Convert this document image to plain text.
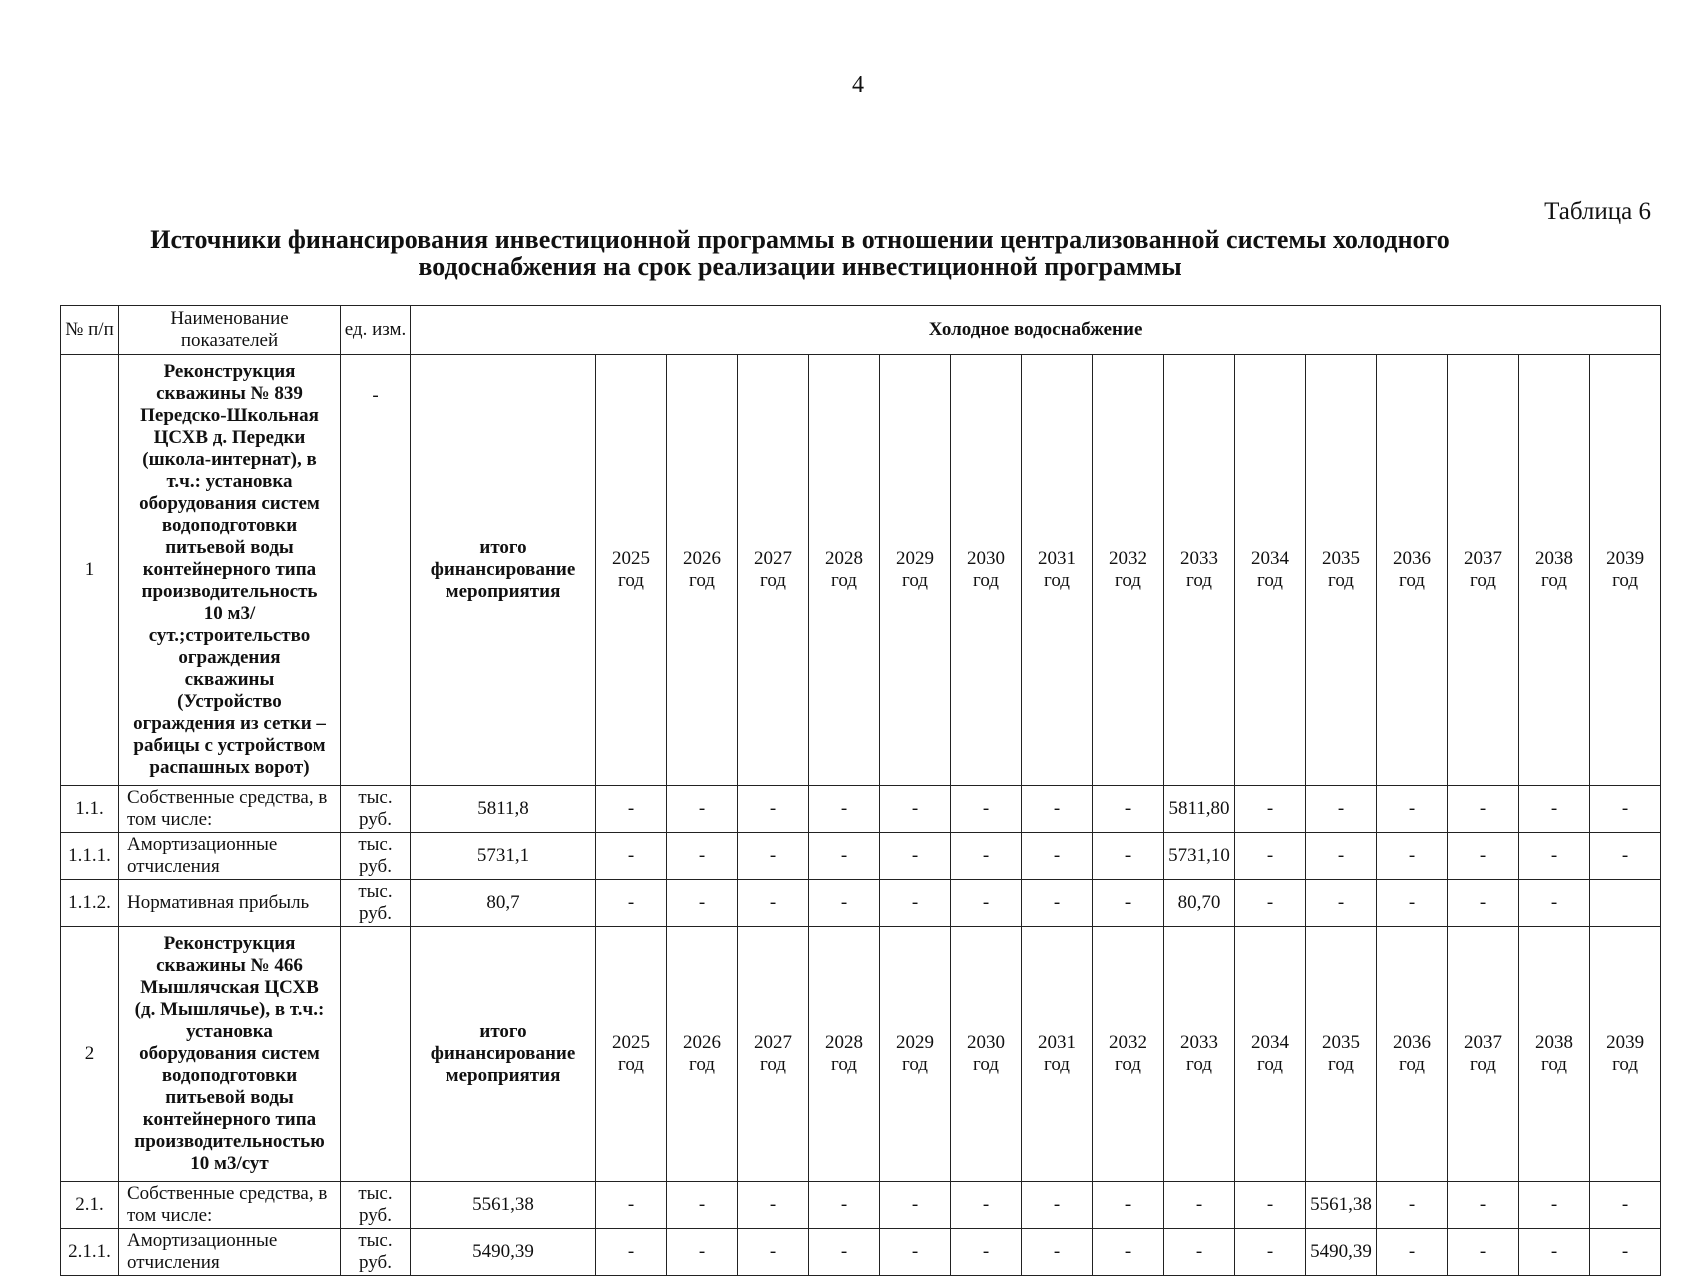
4
Таблица 6
Источники финансирования инвестиционной программы в отношении централизованной системы холодного водоснабжения на срок реализации инвестиционной программы
№ п/п	Наименование показателей	ед. изм.	Холодное водоснабжение															
1	Реконструкция скважины № 839 Передско-Школьная ЦСХВ д. Передки (школа-интернат), в т.ч.: установка оборудования систем водоподготовки питьевой воды контейнерного типа производительность 10 м3/сут.;строительство ограждения скважины (Устройство ограждения из сетки – рабицы с устройством распашных ворот)	-	итого финансирование мероприятия	2025 год	2026 год	2027 год	2028 год	2029 год	2030 год	2031 год	2032 год	2033 год	2034 год	2035 год	2036 год	2037 год	2038 год	2039 год
1.1.	Собственные средства, в том числе:	тыс. руб.	5811,8	-	-	-	-	-	-	-	-	5811,80	-	-	-	-	-	-
1.1.1.	Амортизационные отчисления	тыс. руб.	5731,1	-	-	-	-	-	-	-	-	5731,10	-	-	-	-	-	-
1.1.2.	Нормативная прибыль	тыс. руб.	80,7	-	-	-	-	-	-	-	-	80,70	-	-	-	-	-	
2	Реконструкция скважины № 466 Мышлячская ЦСХВ (д. Мышлячье), в т.ч.: установка оборудования систем водоподготовки питьевой воды контейнерного типа производительностью 10 м3/сут		итого финансирование мероприятия	2025 год	2026 год	2027 год	2028 год	2029 год	2030 год	2031 год	2032 год	2033 год	2034 год	2035 год	2036 год	2037 год	2038 год	2039 год
2.1.	Собственные средства, в том числе:	тыс. руб.	5561,38	-	-	-	-	-	-	-	-	-	-	5561,38	-	-	-	-
2.1.1.	Амортизационные отчисления	тыс. руб.	5490,39	-	-	-	-	-	-	-	-	-	-	5490,39	-	-	-	-
